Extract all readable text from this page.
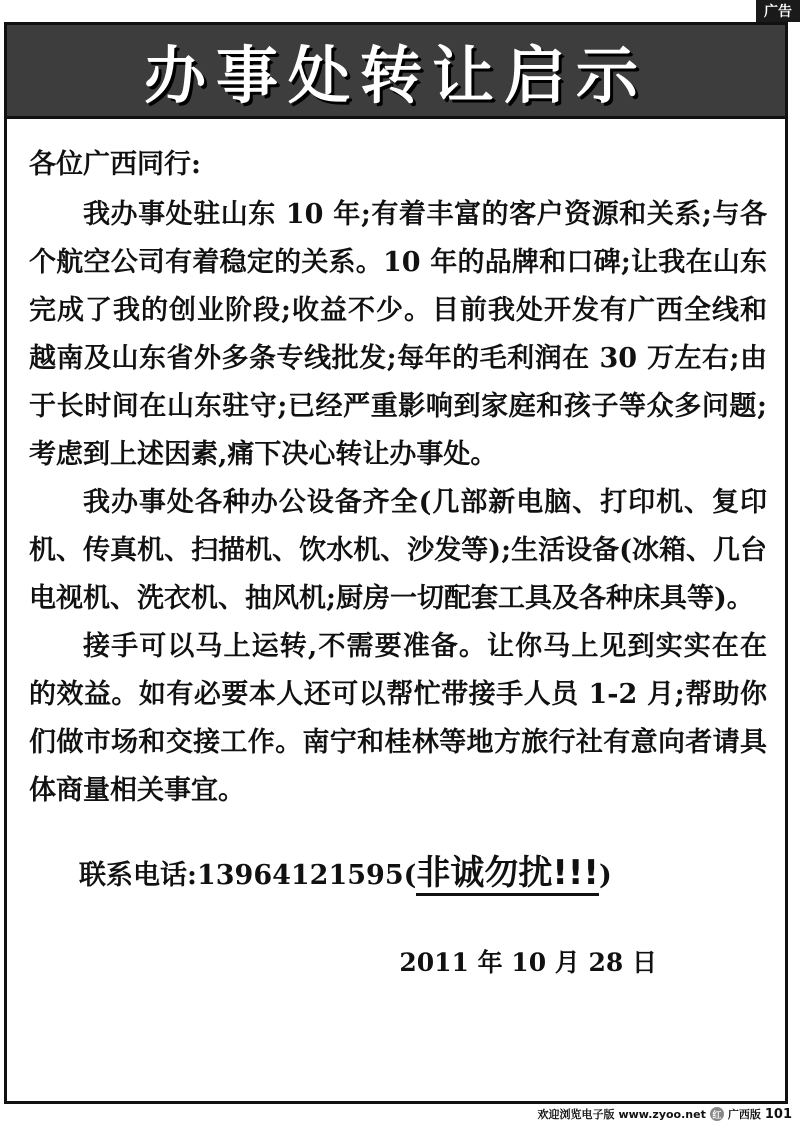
广告
办事处转让启示

各位广西同行:

我办事处驻山东 10 年;有着丰富的客户资源和关系;与各个航空公司有着稳定的关系。10 年的品牌和口碑;让我在山东完成了我的创业阶段;收益不少。目前我处开发有广西全线和越南及山东省外多条专线批发;每年的毛利润在 30 万左右;由于长时间在山东驻守;已经严重影响到家庭和孩子等众多问题;考虑到上述因素,痛下决心转让办事处。

我办事处各种办公设备齐全(几部新电脑、打印机、复印机、传真机、扫描机、饮水机、沙发等);生活设备(冰箱、几台电视机、洗衣机、抽风机;厨房一切配套工具及各种床具等)。

接手可以马上运转,不需要准备。让你马上见到实实在在的效益。如有必要本人还可以帮忙带接手人员 1-2 月;帮助你们做市场和交接工作。南宁和桂林等地方旅行社有意向者请具体商量相关事宜。

联系电话:13964121595(非诚勿扰!!!)
2011 年 10 月 28 日
欢迎浏览电子版 www.zyoo.net 红 广西版 101
